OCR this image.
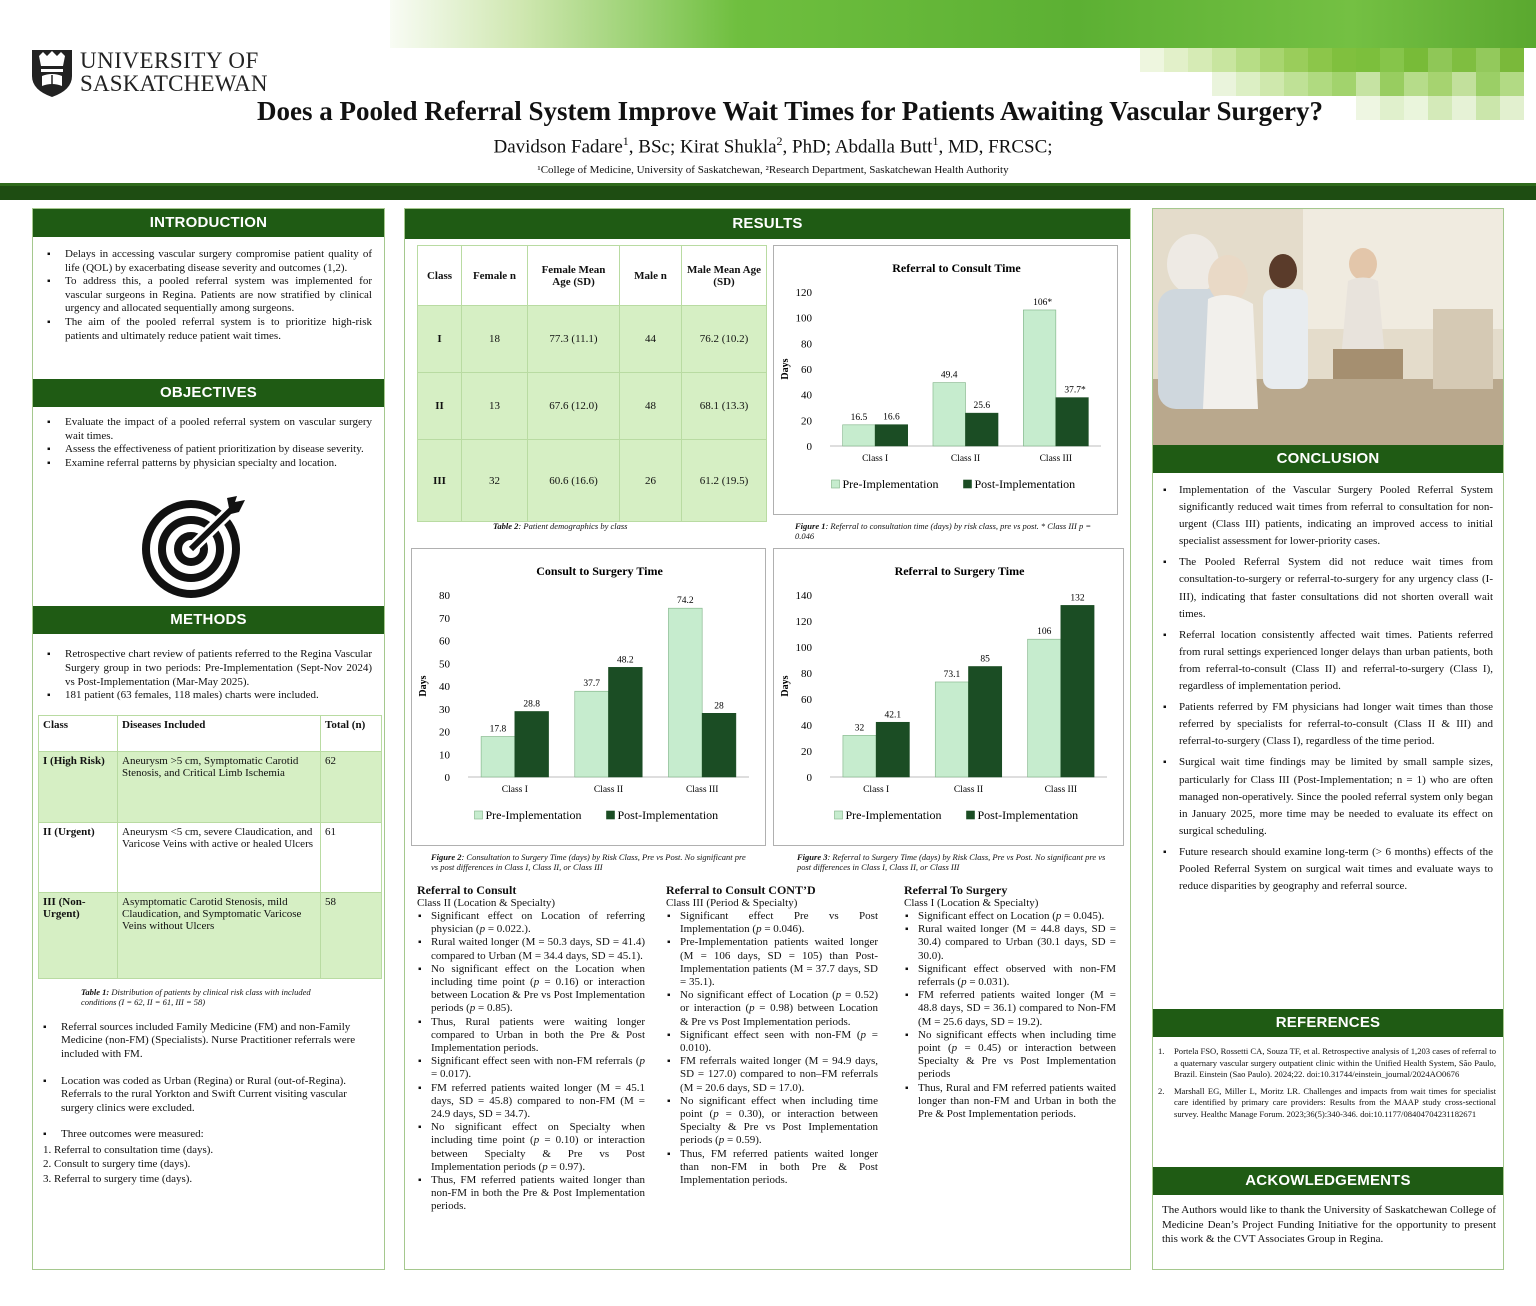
UNIVERSITY OF
SASKATCHEWAN
Does a Pooled Referral System Improve Wait Times for Patients Awaiting Vascular Surgery?
Davidson Fadare$^1$, BSc; Kirat Shukla$^2$, PhD; Abdalla Butt$^1$, MD, FRCSC;
¹College of Medicine, University of Saskatchewan, ²Research Department, Saskatchewan Health Authority
INTRODUCTION
▪ Delays in accessing vascular surgery compromise patient quality of life (QOL) by exacerbating disease severity and outcomes (1,2).
▪ To address this, a pooled referral system was implemented for vascular surgeons in Regina. Patients are now stratified by clinical urgency and allocated sequentially among surgeons.
▪ The aim of the pooled referral system is to prioritize high-risk patients and ultimately reduce patient wait times.
OBJECTIVES
▪ Evaluate the impact of a pooled referral system on vascular surgery wait times.
▪ Assess the effectiveness of patient prioritization by disease severity.
▪ Examine referral patterns by physician specialty and location.
METHODS
▪ Retrospective chart review of patients referred to the Regina Vascular Surgery group in two periods: Pre-Implementation (Sept-Nov 2024) vs Post-Implementation (Mar-May 2025).
▪ 181 patient (63 females, 118 males) charts were included.
Class	Diseases Included	Total (n)
I (High Risk)	Aneurysm >5 cm, Symptomatic Carotid Stenosis, and Critical Limb Ischemia	62
II (Urgent)	Aneurysm <5 cm, severe Claudication, and Varicose Veins with active or healed Ulcers	61
III (Non-Urgent)	Asymptomatic Carotid Stenosis, mild Claudication, and Symptomatic Varicose Veins without Ulcers	58
Table 1: Distribution of patients by clinical risk class with included conditions (I = 62, II = 61, III = 58)
▪ Referral sources included Family Medicine (FM) and non-Family Medicine (non-FM) (Specialists). Nurse Practitioner referrals were included with FM.
▪ Location was coded as Urban (Regina) or Rural (out-of-Regina). Referrals to the rural Yorkton and Swift Current visiting vascular surgery clinics were excluded.
▪ Three outcomes were measured:
1. Referral to consultation time (days).
2. Consult to surgery time (days).
3. Referral to surgery time (days).
RESULTS
Class	Female n	Female Mean Age (SD)	Male n	Male Mean Age (SD)
I	18	77.3 (11.1)	44	76.2 (10.2)
II	13	67.6 (12.0)	48	68.1 (13.3)
III	32	60.6 (16.6)	26	61.2 (19.5)
Table 2: Patient demographics by class
Referral to Consult Time
Days
0
20
40
60
80
100
120
Class I
16.5 16.6
Class II
49.4
25.6
Class III
106*
37.7*
Pre-Implementation	Post-Implementation
Figure 1: Referral to consultation time (days) by risk class, pre vs post. * Class III p = 0.046
Consult to Surgery Time
Days
0
10
20
30
40
50
60
70
80
Class I
17.8
28.8
Class II
37.7
48.2
Class III
74.2
28
Pre-Implementation	Post-Implementation
Figure 2: Consultation to Surgery Time (days) by Risk Class, Pre vs Post. No significant pre vs post differences in Class I, Class II, or Class III
Referral to Surgery Time
Days
0
20
40
60
80
100
120
140
Class I
32
42.1
Class II
73.1
85
Class III
106
132
Pre-Implementation	Post-Implementation
Figure 3: Referral to Surgery Time (days) by Risk Class, Pre vs Post. No significant pre vs post differences in Class I, Class II, or Class III
Referral to Consult
Class II (Location & Specialty)
▪ Significant effect on Location of referring physician (p = 0.022.).
▪ Rural waited longer (M = 50.3 days, SD = 41.4) compared to Urban (M = 34.4 days, SD = 45.1).
▪ No significant effect on the Location when including time point (p = 0.16) or interaction between Location & Pre vs Post Implementation periods (p = 0.85).
▪ Thus, Rural patients were waiting longer compared to Urban in both the Pre & Post Implementation periods.
▪ Significant effect seen with non-FM referrals (p = 0.017).
▪ FM referred patients waited longer (M = 45.1 days, SD = 45.8) compared to non-FM (M = 24.9 days, SD = 34.7).
▪ No significant effect on Specialty when including time point (p = 0.10) or interaction between Specialty & Pre vs Post Implementation periods (p = 0.97).
▪ Thus, FM referred patients waited longer than non-FM in both the Pre & Post Implementation periods.
Referral to Consult CONT’D
Class III (Period & Specialty)
▪ Significant effect Pre vs Post Implementation (p = 0.046).
▪ Pre-Implementation patients waited longer (M = 106 days, SD = 105) than Post-Implementation patients (M = 37.7 days, SD = 35.1).
▪ No significant effect of Location (p = 0.52) or interaction (p = 0.98) between Location & Pre vs Post Implementation periods.
▪ Significant effect seen with non-FM (p = 0.010).
▪ FM referrals waited longer (M = 94.9 days, SD = 127.0) compared to non–FM referrals (M = 20.6 days, SD = 17.0).
▪ No significant effect when including time point (p = 0.30), or interaction between Specialty & Pre vs Post Implementation periods (p = 0.59).
▪ Thus, FM referred patients waited longer than non-FM in both Pre & Post Implementation periods.
Referral To Surgery
Class I (Location & Specialty)
▪ Significant effect on Location (p = 0.045).
▪ Rural waited longer (M = 44.8 days, SD = 30.4) compared to Urban (30.1 days, SD = 30.0).
▪ Significant effect observed with non-FM referrals (p = 0.031).
▪ FM referred patients waited longer (M = 48.8 days, SD = 36.1) compared to Non-FM (M = 25.6 days, SD = 19.2).
▪ No significant effects when including time point (p = 0.45) or interaction between Specialty & Pre vs Post Implementation periods
▪ Thus, Rural and FM referred patients waited longer than non-FM and Urban in both the Pre & Post Implementation periods.
CONCLUSION
▪ Implementation of the Vascular Surgery Pooled Referral System significantly reduced wait times from referral to consultation for non-urgent (Class III) patients, indicating an improved access to initial specialist assessment for lower-priority cases.
▪ The Pooled Referral System did not reduce wait times from consultation-to-surgery or referral-to-surgery for any urgency class (I-III), indicating that faster consultations did not shorten overall wait times.
▪ Referral location consistently affected wait times. Patients referred from rural settings experienced longer delays than urban patients, both from referral-to-consult (Class II) and referral-to-surgery (Class I), regardless of implementation period.
▪ Patients referred by FM physicians had longer wait times than those referred by specialists for referral-to-consult (Class II & III) and referral-to-surgery (Class I), regardless of the time period.
▪ Surgical wait time findings may be limited by small sample sizes, particularly for Class III (Post-Implementation; n = 1) who are often managed non-operatively. Since the pooled referral system only began in January 2025, more time may be needed to evaluate its effect on surgical scheduling.
▪ Future research should examine long-term (> 6 months) effects of the Pooled Referral System on surgical wait times and evaluate ways to reduce disparities by geography and referral source.
REFERENCES
1. Portela FSO, Rossetti CA, Souza TF, et al. Retrospective analysis of 1,203 cases of referral to a quaternary vascular surgery outpatient clinic within the Unified Health System, São Paulo, Brazil. Einstein (Sao Paulo). 2024;22. doi:10.31744/einstein_journal/2024AO0676
2. Marshall EG, Miller L, Moritz LR. Challenges and impacts from wait times for specialist care identified by primary care providers: Results from the MAAP study cross-sectional survey. Healthc Manage Forum. 2023;36(5):340-346. doi:10.1177/08404704231182671
ACKOWLEDGEMENTS
The Authors would like to thank the University of Saskatchewan College of Medicine Dean’s Project Funding Initiative for the opportunity to present this work & the CVT Associates Group in Regina.
